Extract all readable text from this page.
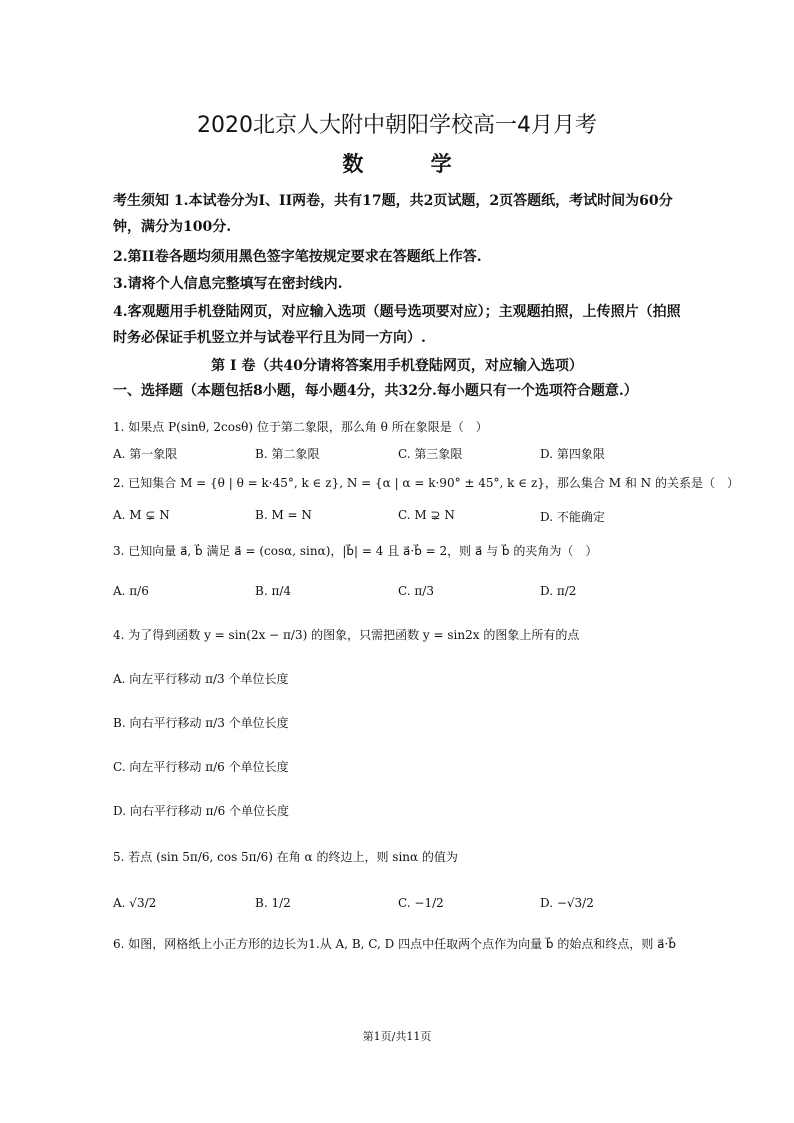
2020北京人大附中朝阳学校高一4月月考
数 学
考生须知 1.本试卷分为I、II两卷，共有17题，共2页试题，2页答题纸，考试时间为60分
钟，满分为100分.
2.第II卷各题均须用黑色签字笔按规定要求在答题纸上作答.
3.请将个人信息完整填写在密封线内.
4.客观题用手机登陆网页，对应输入选项（题号选项要对应）；主观题拍照，上传照片（拍照
时务必保证手机竖立并与试卷平行且为同一方向）.
第 I 卷（共40分请将答案用手机登陆网页，对应输入选项）
一、选择题（本题包括8小题，每小题4分，共32分.每小题只有一个选项符合题意.）
1. 如果点 P(sinθ, 2cosθ) 位于第二象限，那么角 θ 所在象限是（　）
A. 第一象限	B. 第二象限	C. 第三象限	D. 第四象限
2. 已知集合 M = {θ | θ = k·45°, k ∈ z}, N = {α | α = k·90° ± 45°, k ∈ z}，那么集合 M 和 N 的关系是（　）
A. M ⊊ N	B. M = N	C. M ⊋ N	D. 不能确定
3. 已知向量 a⃗, b⃗ 满足 a⃗ = (cosα, sinα)，|b⃗| = 4 且 a⃗·b⃗ = 2，则 a⃗ 与 b⃗ 的夹角为（　）
A. π/6	B. π/4	C. π/3	D. π/2
4. 为了得到函数 y = sin(2x − π/3) 的图象，只需把函数 y = sin2x 的图象上所有的点
A. 向左平行移动 π/3 个单位长度
B. 向右平行移动 π/3 个单位长度
C. 向左平行移动 π/6 个单位长度
D. 向右平行移动 π/6 个单位长度
5. 若点 (sin 5π/6, cos 5π/6) 在角 α 的终边上，则 sinα 的值为
A. √3/2	B. 1/2	C. −1/2	D. −√3/2
6. 如图，网格纸上小正方形的边长为1.从 A, B, C, D 四点中任取两个点作为向量 b⃗ 的始点和终点，则 a⃗·b⃗
第1页/共11页
